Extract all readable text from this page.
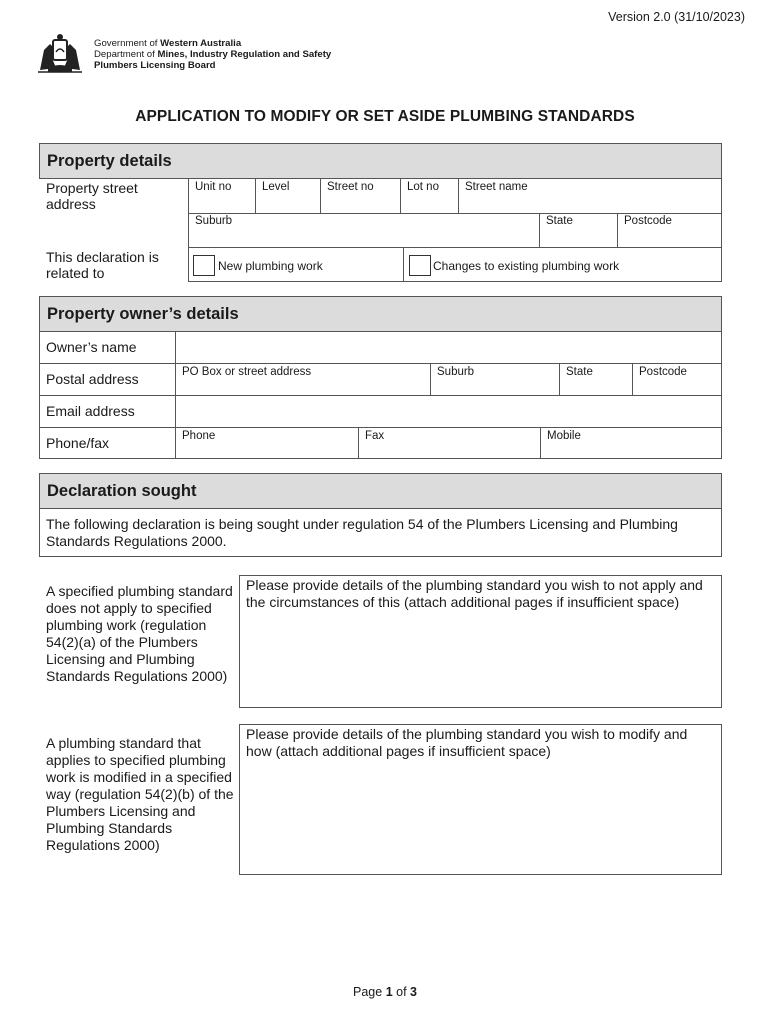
Version 2.0 (31/10/2023)
Government of Western Australia
Department of Mines, Industry Regulation and Safety
Plumbers Licensing Board
APPLICATION TO MODIFY OR SET ASIDE PLUMBING STANDARDS
Property details
Property street address
Unit no	Level	Street no	Lot no	Street name
Suburb	State	Postcode
This declaration is related to	New plumbing work	Changes to existing plumbing work
Property owner’s details
Owner’s name
Postal address	PO Box or street address	Suburb	State	Postcode
Email address
Phone/fax	Phone	Fax	Mobile
Declaration sought
The following declaration is being sought under regulation 54 of the Plumbers Licensing and Plumbing Standards Regulations 2000.
A specified plumbing standard does not apply to specified plumbing work (regulation 54(2)(a) of the Plumbers Licensing and Plumbing Standards Regulations 2000)
Please provide details of the plumbing standard you wish to not apply and the circumstances of this (attach additional pages if insufficient space)
A plumbing standard that applies to specified plumbing work is modified in a specified way (regulation 54(2)(b) of the Plumbers Licensing and Plumbing Standards Regulations 2000)
Please provide details of the plumbing standard you wish to modify and how (attach additional pages if insufficient space)
Page 1 of 3
